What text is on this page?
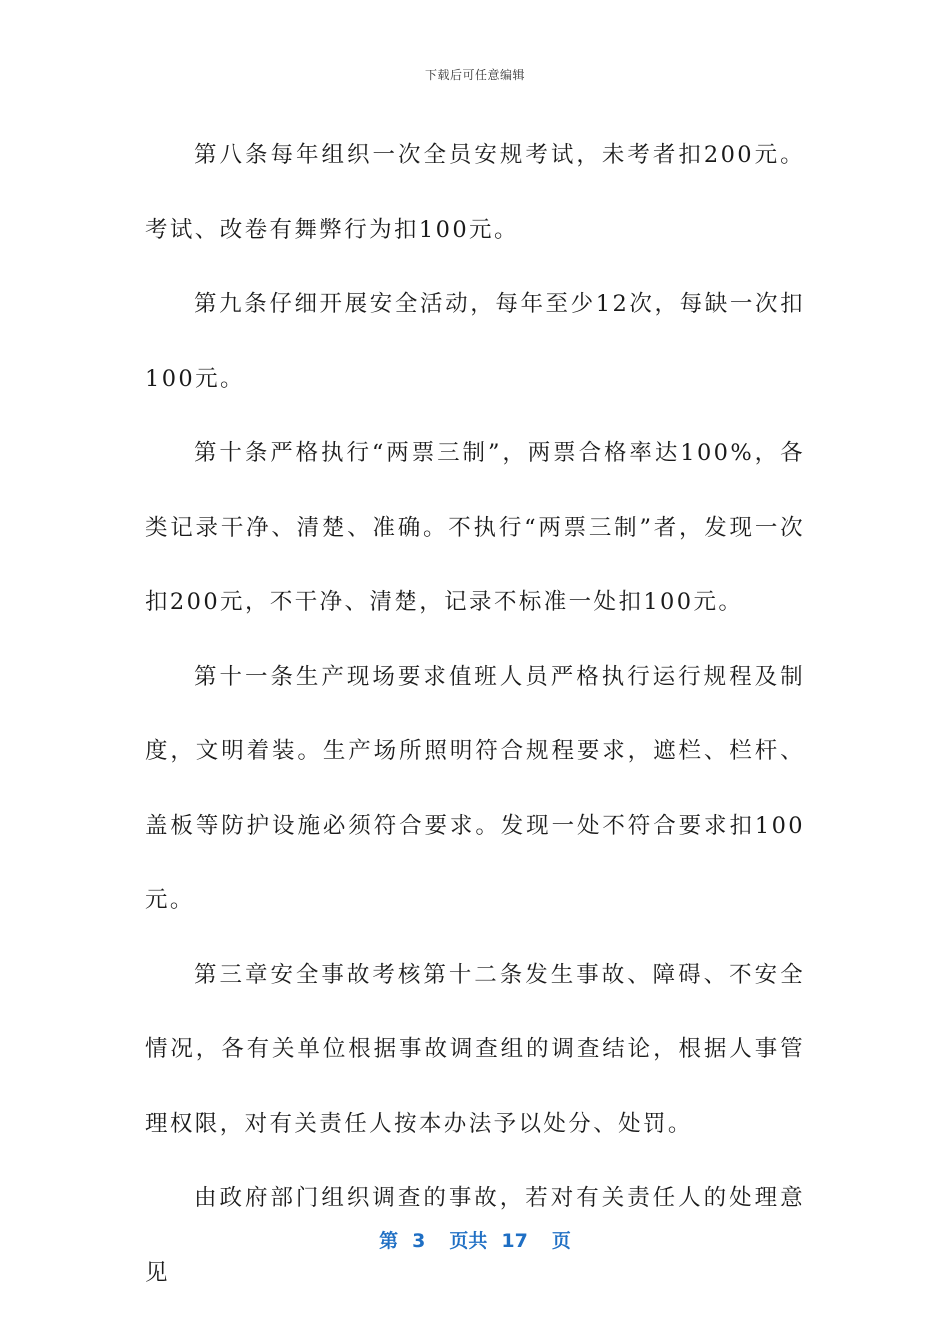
下载后可任意编辑

第八条每年组织一次全员安规考试，未考者扣200元。考试、改卷有舞弊行为扣100元。

第九条仔细开展安全活动，每年至少12次，每缺一次扣100元。

第十条严格执行“两票三制”，两票合格率达100%，各类记录干净、清楚、准确。不执行“两票三制”者，发现一次扣200元，不干净、清楚，记录不标准一处扣100元。

第十一条生产现场要求值班人员严格执行运行规程及制度，文明着装。生产场所照明符合规程要求，遮栏、栏杆、盖板等防护设施必须符合要求。发现一处不符合要求扣100元。

第三章安全事故考核第十二条发生事故、障碍、不安全情况，各有关单位根据事故调查组的调查结论，根据人事管理权限，对有关责任人按本办法予以处分、处罚。

由政府部门组织调查的事故，若对有关责任人的处理意见

第 3 页共 17 页
